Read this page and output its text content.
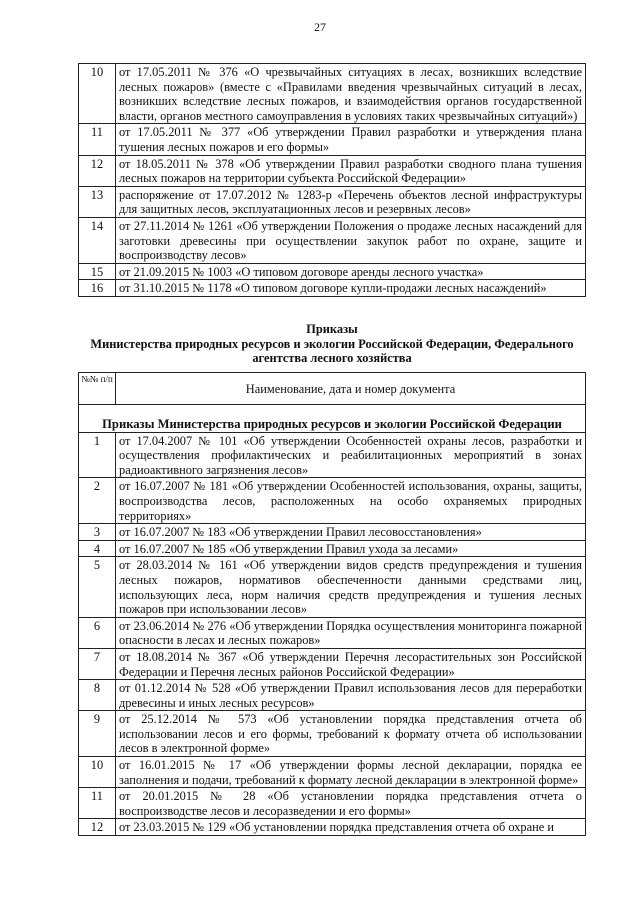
27
10	от 17.05.2011 № 376 «О чрезвычайных ситуациях в лесах, возникших вследствие лесных пожаров» (вместе с «Правилами введения чрезвычайных ситуаций в лесах, возникших вследствие лесных пожаров, и взаимодействия органов государственной власти, органов местного самоуправления в условиях таких чрезвычайных ситуаций»)
11	от 17.05.2011 № 377 «Об утверждении Правил разработки и утверждения плана тушения лесных пожаров и его формы»
12	от 18.05.2011 № 378 «Об утверждении Правил разработки сводного плана тушения лесных пожаров на территории субъекта Российской Федерации»
13	распоряжение от 17.07.2012 № 1283-р «Перечень объектов лесной инфраструктуры для защитных лесов, эксплуатационных лесов и резервных лесов»
14	от 27.11.2014 № 1261 «Об утверждении Положения о продаже лесных насаждений для заготовки древесины при осуществлении закупок работ по охране, защите и воспроизводству лесов»
15	от 21.09.2015 № 1003 «О типовом договоре аренды лесного участка»
16	от 31.10.2015 № 1178 «О типовом договоре купли-продажи лесных насаждений»
Приказы
Министерства природных ресурсов и экологии Российской Федерации, Федерального
агентства лесного хозяйства
№№ п/п	Наименование, дата и номер документа
Приказы Министерства природных ресурсов и экологии Российской Федерации	
1	от 17.04.2007 № 101 «Об утверждении Особенностей охраны лесов, разработки и осуществления профилактических и реабилитационных мероприятий в зонах радиоактивного загрязнения лесов»
2	от 16.07.2007 № 181 «Об утверждении Особенностей использования, охраны, защиты, воспроизводства лесов, расположенных на особо охраняемых природных территориях»
3	от 16.07.2007 № 183 «Об утверждении Правил лесовосстановления»
4	от 16.07.2007 № 185 «Об утверждении Правил ухода за лесами»
5	от 28.03.2014 № 161 «Об утверждении видов средств предупреждения и тушения лесных пожаров, нормативов обеспеченности данными средствами лиц, использующих леса, норм наличия средств предупреждения и тушения лесных пожаров при использовании лесов»
6	от 23.06.2014 № 276 «Об утверждении Порядка осуществления мониторинга пожарной опасности в лесах и лесных пожаров»
7	от 18.08.2014 № 367 «Об утверждении Перечня лесорастительных зон Российской Федерации и Перечня лесных районов Российской Федерации»
8	от 01.12.2014 № 528 «Об утверждении Правил использования лесов для переработки древесины и иных лесных ресурсов»
9	от 25.12.2014 № 573 «Об установлении порядка представления отчета об использовании лесов и его формы, требований к формату отчета об использовании лесов в электронной форме»
10	от 16.01.2015 № 17 «Об утверждении формы лесной декларации, порядка ее заполнения и подачи, требований к формату лесной декларации в электронной форме»
11	от 20.01.2015 № 28 «Об установлении порядка представления отчета о воспроизводстве лесов и лесоразведении и его формы»
12	от 23.03.2015 № 129 «Об установлении порядка представления отчета об охране и
